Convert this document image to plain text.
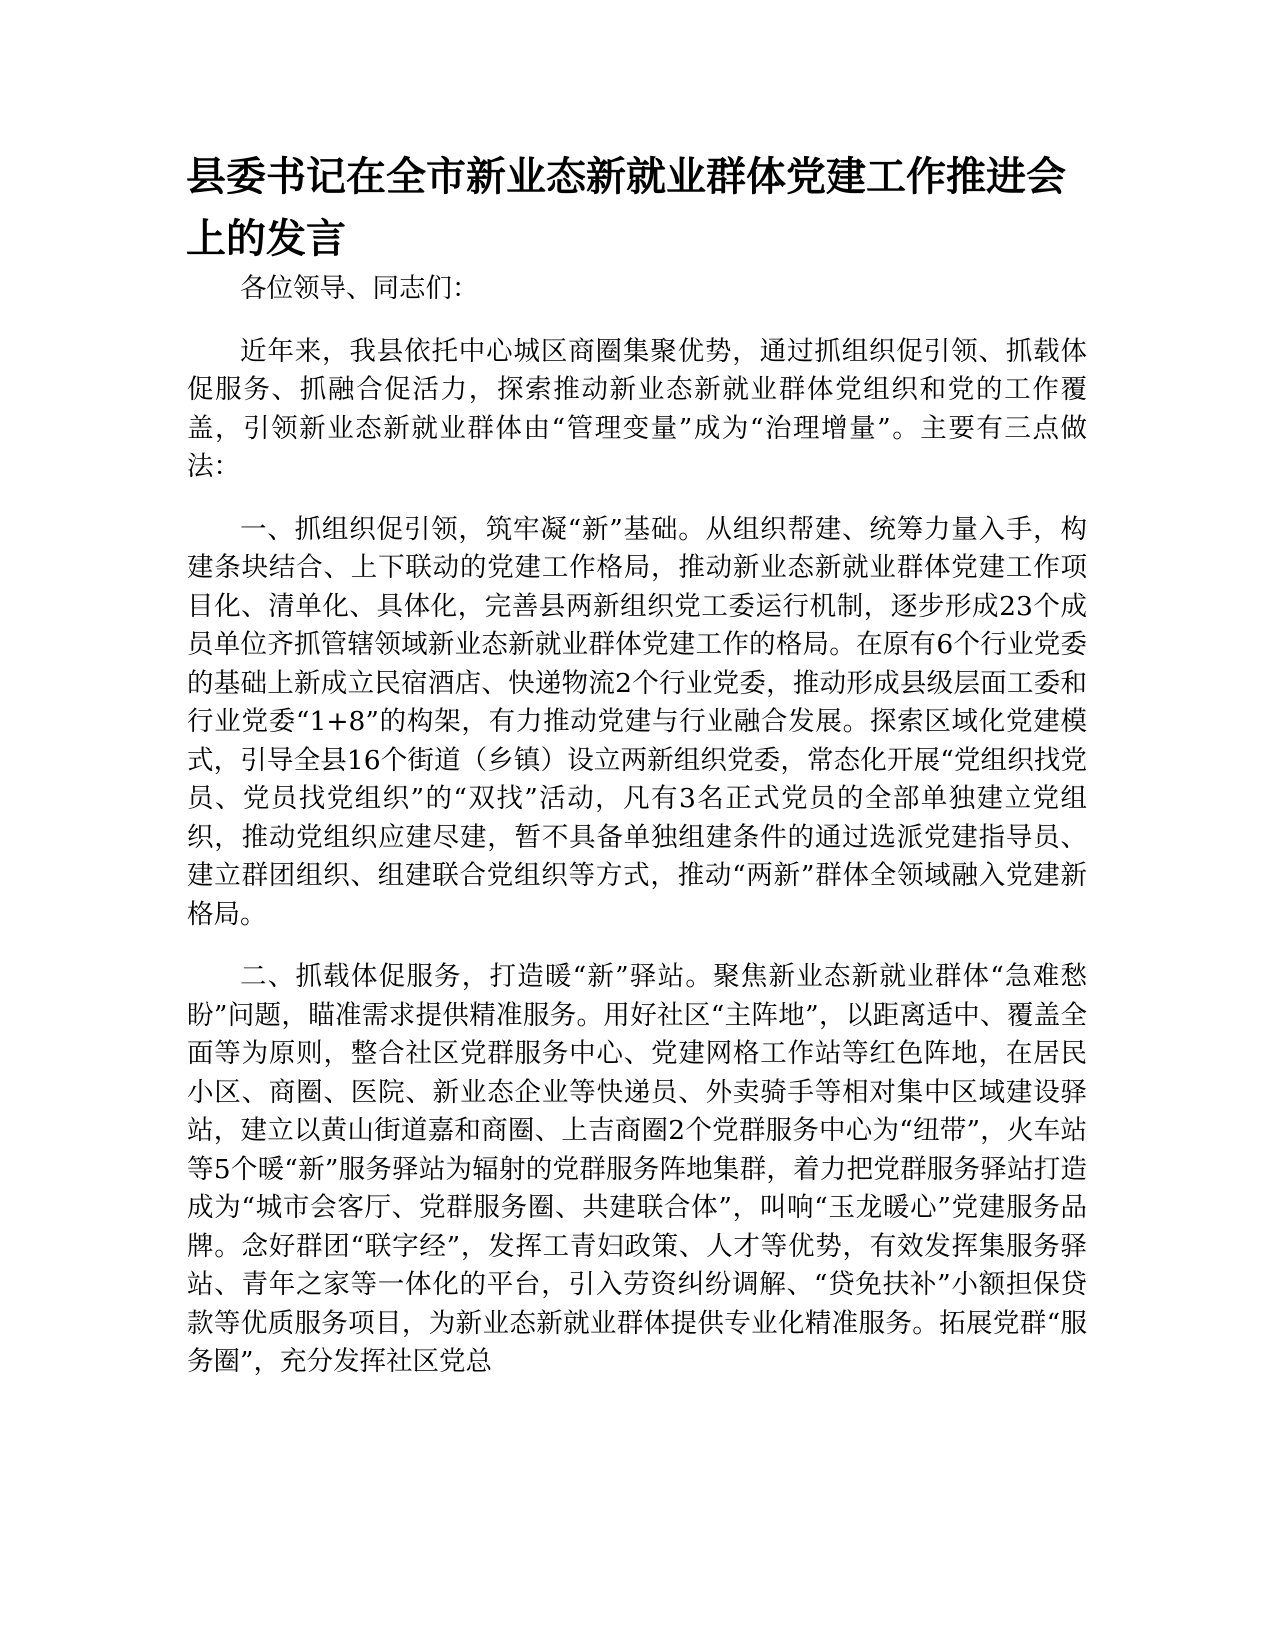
县委书记在全市新业态新就业群体党建工作推进会上的发言

各位领导、同志们：

近年来，我县依托中心城区商圈集聚优势，通过抓组织促引领、抓载体促服务、抓融合促活力，探索推动新业态新就业群体党组织和党的工作覆盖，引领新业态新就业群体由“管理变量”成为“治理增量”。主要有三点做法：

一、抓组织促引领，筑牢凝“新”基础。从组织帮建、统筹力量入手，构建条块结合、上下联动的党建工作格局，推动新业态新就业群体党建工作项目化、清单化、具体化，完善县两新组织党工委运行机制，逐步形成23个成员单位齐抓管辖领域新业态新就业群体党建工作的格局。在原有6个行业党委的基础上新成立民宿酒店、快递物流2个行业党委，推动形成县级层面工委和行业党委“1+8”的构架，有力推动党建与行业融合发展。探索区域化党建模式，引导全县16个街道（乡镇）设立两新组织党委，常态化开展“党组织找党员、党员找党组织”的“双找”活动，凡有3名正式党员的全部单独建立党组织，推动党组织应建尽建，暂不具备单独组建条件的通过选派党建指导员、建立群团组织、组建联合党组织等方式，推动“两新”群体全领域融入党建新格局。

二、抓载体促服务，打造暖“新”驿站。聚焦新业态新就业群体“急难愁盼”问题，瞄准需求提供精准服务。用好社区“主阵地”，以距离适中、覆盖全面等为原则，整合社区党群服务中心、党建网格工作站等红色阵地，在居民小区、商圈、医院、新业态企业等快递员、外卖骑手等相对集中区域建设驿站，建立以黄山街道嘉和商圈、上吉商圈2个党群服务中心为“纽带”，火车站等5个暖“新”服务驿站为辐射的党群服务阵地集群，着力把党群服务驿站打造成为“城市会客厅、党群服务圈、共建联合体”，叫响“玉龙暖心”党建服务品牌。念好群团“联字经”，发挥工青妇政策、人才等优势，有效发挥集服务驿站、青年之家等一体化的平台，引入劳资纠纷调解、“贷免扶补”小额担保贷款等优质服务项目，为新业态新就业群体提供专业化精准服务。拓展党群“服务圈”，充分发挥社区党总
